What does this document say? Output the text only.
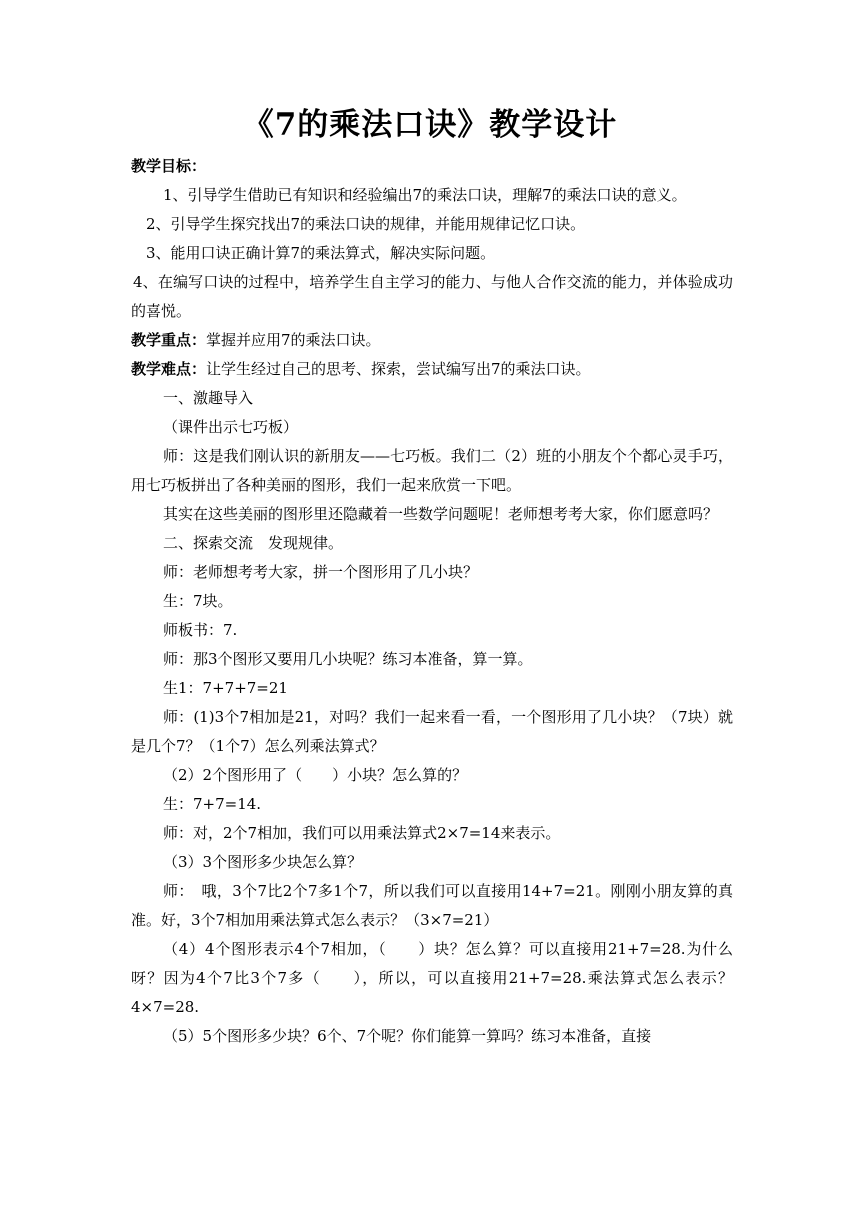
《7的乘法口诀》教学设计

教学目标：

1、引导学生借助已有知识和经验编出7的乘法口诀，理解7的乘法口诀的意义。

2、引导学生探究找出7的乘法口诀的规律，并能用规律记忆口诀。

3、能用口诀正确计算7的乘法算式，解决实际问题。

4、在编写口诀的过程中，培养学生自主学习的能力、与他人合作交流的能力，并体验成功的喜悦。

教学重点：掌握并应用7的乘法口诀。

教学难点：让学生经过自己的思考、探索，尝试编写出7的乘法口诀。

一、激趣导入

（课件出示七巧板）

师：这是我们刚认识的新朋友——七巧板。我们二（2）班的小朋友个个都心灵手巧，用七巧板拼出了各种美丽的图形，我们一起来欣赏一下吧。

其实在这些美丽的图形里还隐藏着一些数学问题呢！老师想考考大家，你们愿意吗？

二、探索交流　发现规律。

师：老师想考考大家，拼一个图形用了几小块？

生：7块。

师板书：7.

师：那3个图形又要用几小块呢？练习本准备，算一算。

生1：7+7+7=21

师：(1)3个7相加是21，对吗？我们一起来看一看，一个图形用了几小块？（7块）就是几个7？（1个7）怎么列乘法算式？

（2）2个图形用了（　　）小块？怎么算的？

生：7+7=14.

师：对，2个7相加，我们可以用乘法算式2×7=14来表示。

（3）3个图形多少块怎么算？

师：　哦，3个7比2个7多1个7，所以我们可以直接用14+7=21。刚刚小朋友算的真准。好，3个7相加用乘法算式怎么表示？（3×7=21）

（4）4个图形表示4个7相加，（　　）块？怎么算？可以直接用21+7=28.为什么呀？因为4个7比3个7多（　　），所以，可以直接用21+7=28.乘法算式怎么表示？4×7=28.

（5）5个图形多少块？6个、7个呢？你们能算一算吗？练习本准备，直接
